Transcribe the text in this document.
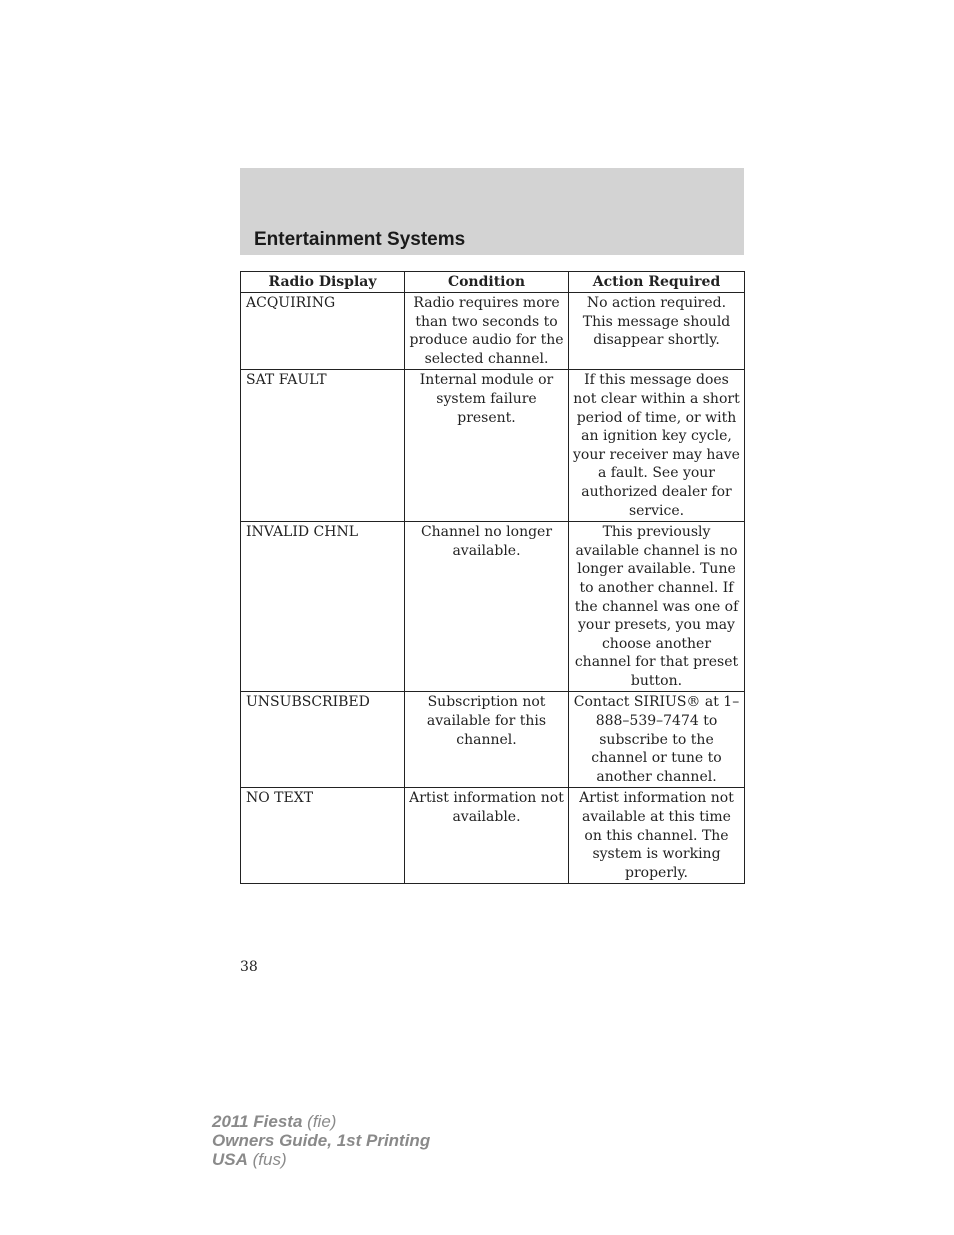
Entertainment Systems
Radio Display	Condition	Action Required
ACQUIRING	Radio requires more than two seconds to produce audio for the selected channel.	No action required. This message should disappear shortly.
SAT FAULT	Internal module or system failure present.	If this message does not clear within a short period of time, or with an ignition key cycle, your receiver may have a fault. See your authorized dealer for service.
INVALID CHNL	Channel no longer available.	This previously available channel is no longer available. Tune to another channel. If the channel was one of your presets, you may choose another channel for that preset button.
UNSUBSCRIBED	Subscription not available for this channel.	Contact SIRIUS® at 1–888–539–7474 to subscribe to the channel or tune to another channel.
NO TEXT	Artist information not available.	Artist information not available at this time on this channel. The system is working properly.
38
2011 Fiesta (fie)
Owners Guide, 1st Printing
USA (fus)
